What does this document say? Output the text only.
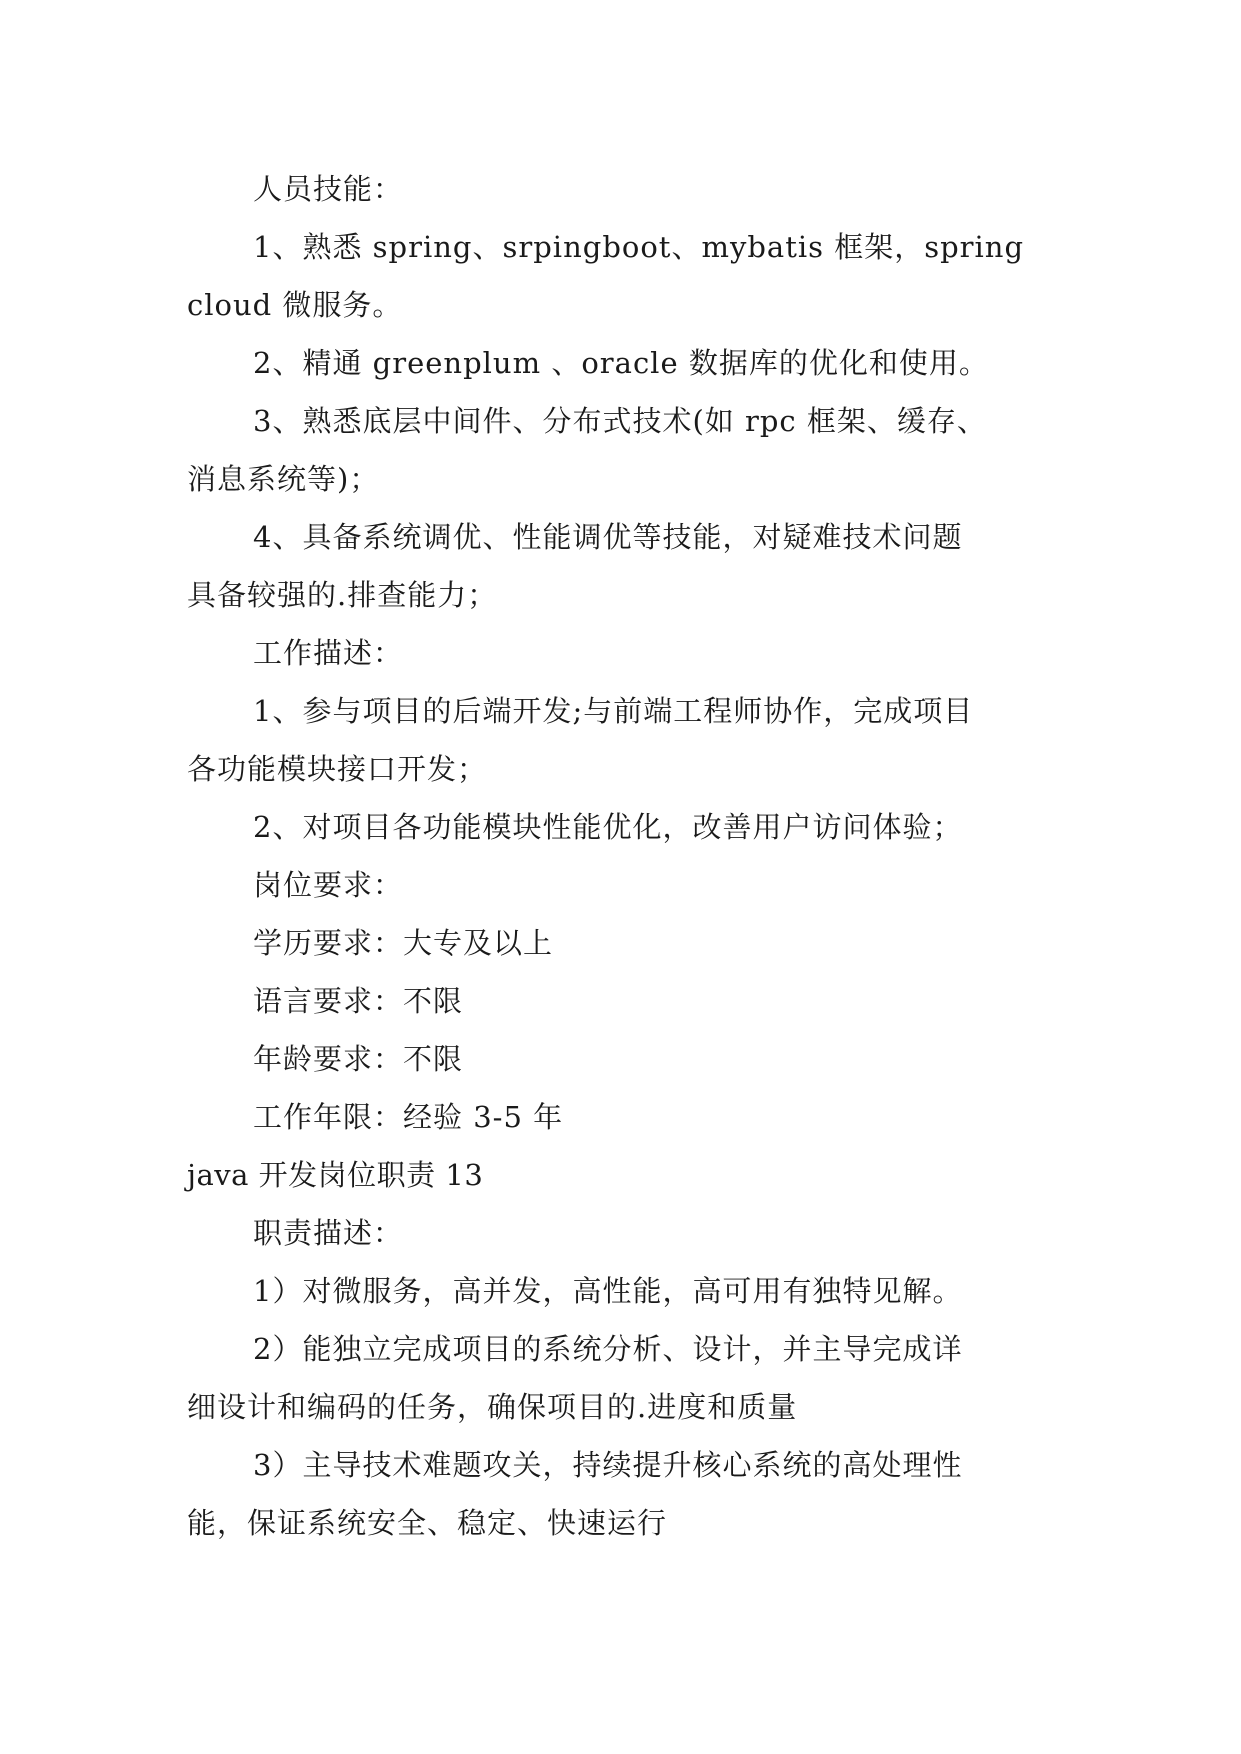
人员技能：
1、熟悉 spring、srpingboot、mybatis 框架，spring
cloud 微服务。
2、精通 greenplum 、oracle 数据库的优化和使用。
3、熟悉底层中间件、分布式技术(如 rpc 框架、缓存、
消息系统等)；
4、具备系统调优、性能调优等技能，对疑难技术问题
具备较强的.排查能力；
工作描述：
1、参与项目的后端开发;与前端工程师协作，完成项目
各功能模块接口开发；
2、对项目各功能模块性能优化，改善用户访问体验；
岗位要求：
学历要求：大专及以上
语言要求：不限
年龄要求：不限
工作年限：经验 3-5 年
java 开发岗位职责 13
职责描述：
1）对微服务，高并发，高性能，高可用有独特见解。
2）能独立完成项目的系统分析、设计，并主导完成详
细设计和编码的任务，确保项目的.进度和质量
3）主导技术难题攻关，持续提升核心系统的高处理性
能，保证系统安全、稳定、快速运行
